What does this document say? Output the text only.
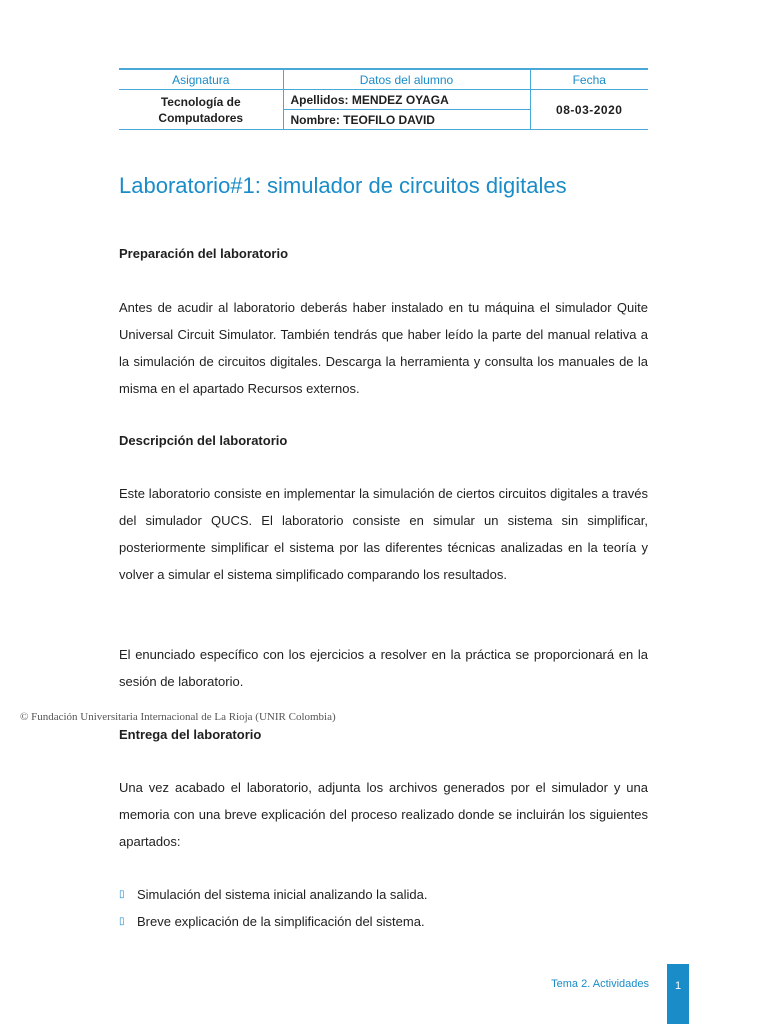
Asignatura	Datos del alumno	Fecha
Tecnología de
Computadores	Apellidos: MENDEZ OYAGA	08-03-2020
	Nombre: TEOFILO DAVID	
Laboratorio#1: simulador de circuitos digitales
Preparación del laboratorio

Antes de acudir al laboratorio deberás haber instalado en tu máquina el simulador Quite Universal Circuit Simulator. También tendrás que haber leído la parte del manual relativa a la simulación de circuitos digitales. Descarga la herramienta y consulta los manuales de la misma en el apartado Recursos externos.

Descripción del laboratorio

Este laboratorio consiste en implementar la simulación de ciertos circuitos digitales a través del simulador QUCS. El laboratorio consiste en simular un sistema sin simplificar, posteriormente simplificar el sistema por las diferentes técnicas analizadas en la teoría y volver a simular el sistema simplificado comparando los resultados.

El enunciado específico con los ejercicios a resolver en la práctica se proporcionará en la sesión de laboratorio.

© Fundación Universitaria Internacional de La Rioja (UNIR Colombia)
Entrega del laboratorio

Una vez acabado el laboratorio, adjunta los archivos generados por el simulador y una memoria con una breve explicación del proceso realizado donde se incluirán los siguientes apartados:

▯ Simulación del sistema inicial analizando la salida.
▯ Breve explicación de la simplificación del sistema.
Tema 2. Actividades	1
